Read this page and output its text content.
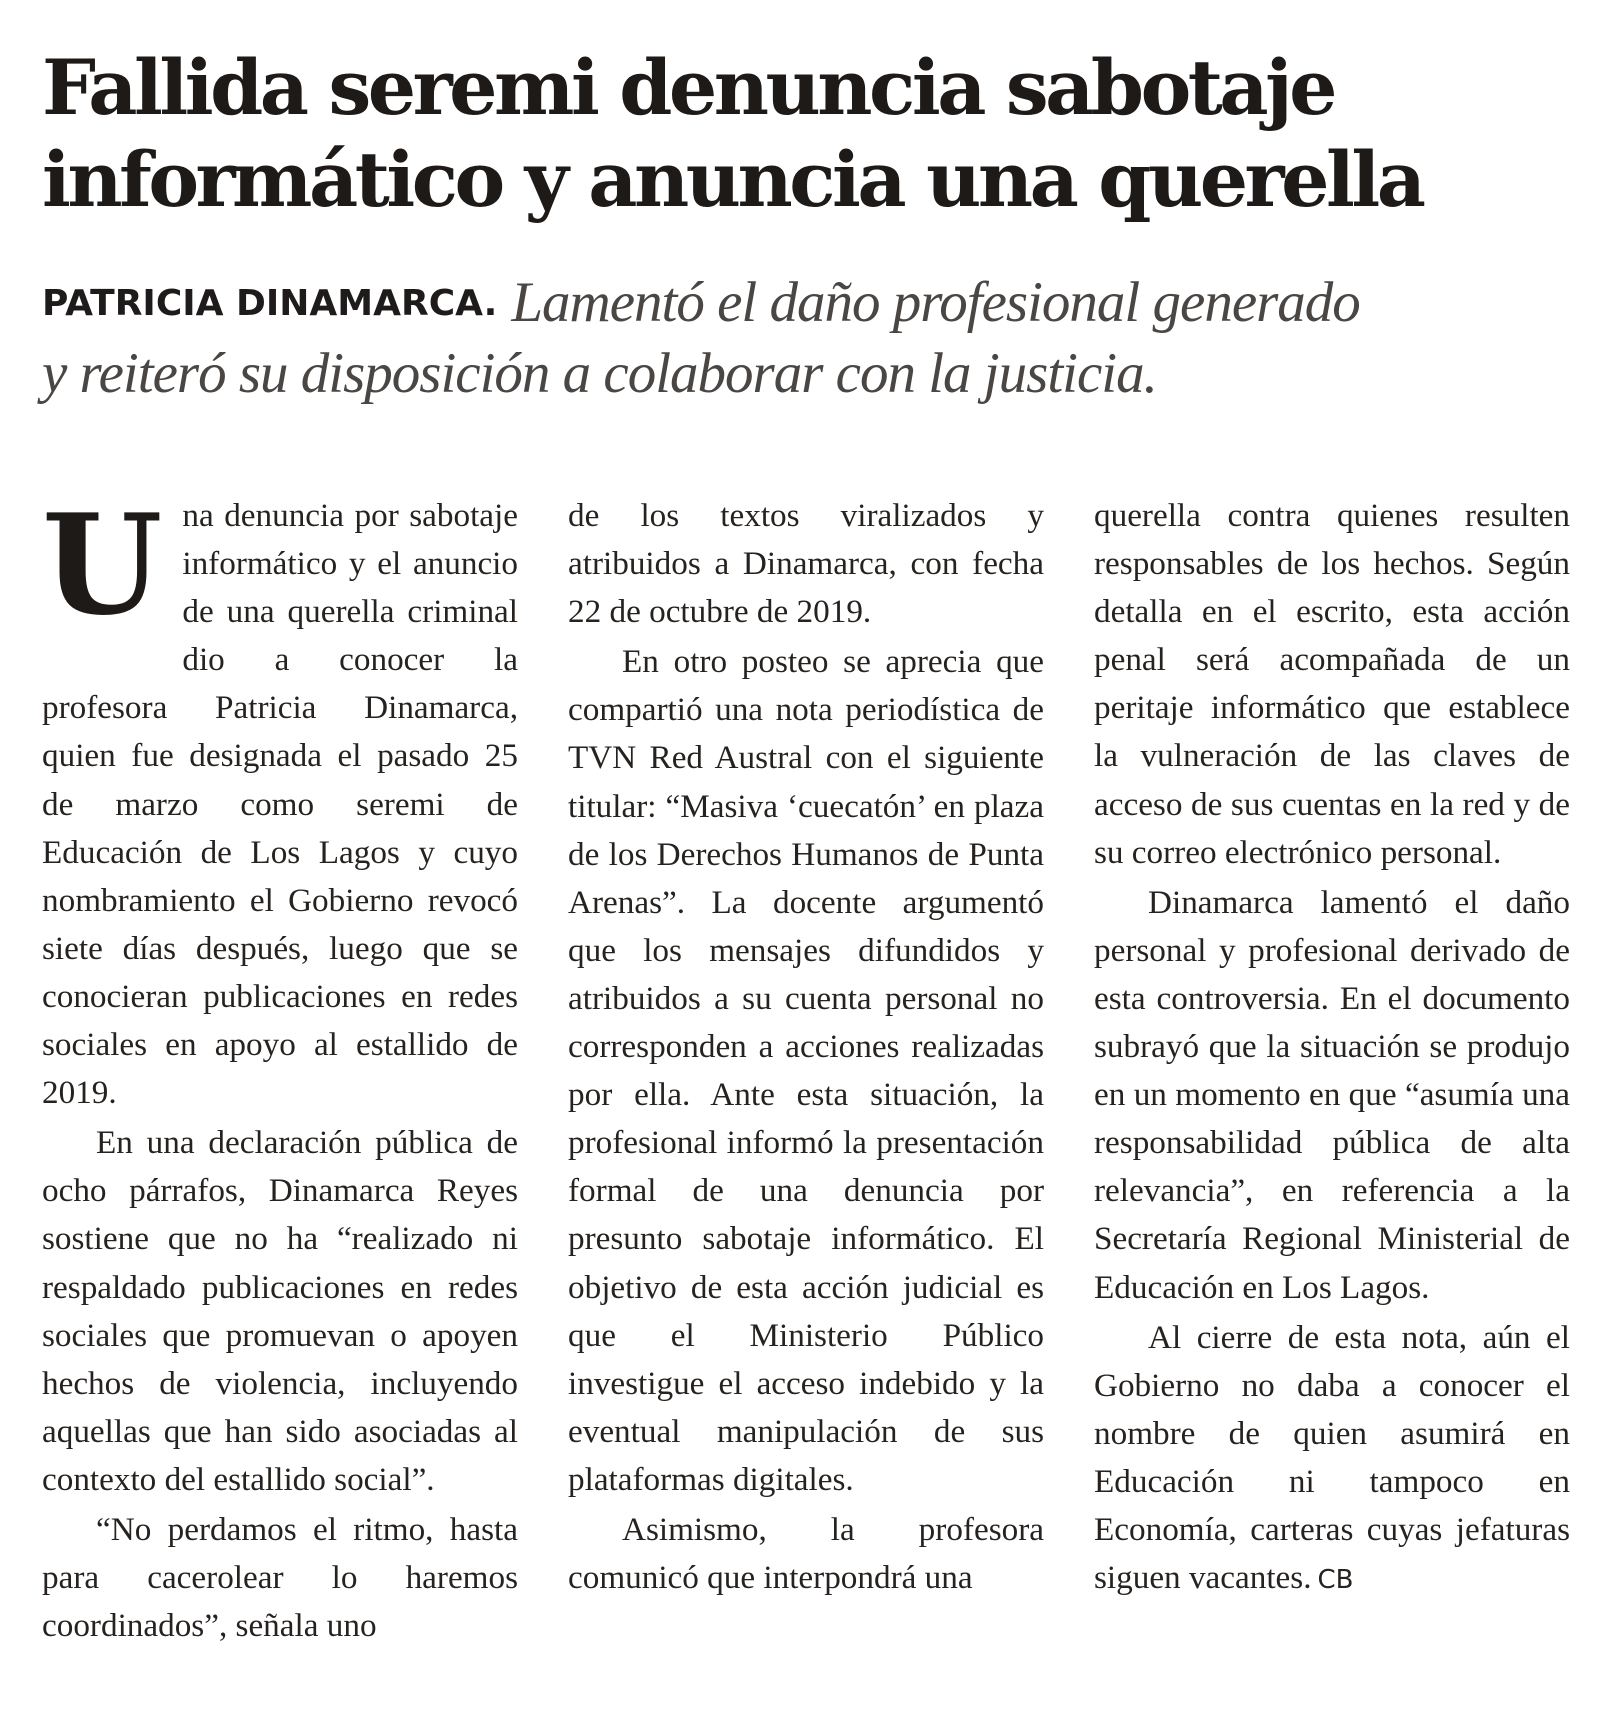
Fallida seremi denuncia sabotaje
informático y anuncia una querella
PATRICIA DINAMARCA. Lamentó el daño profesional generado
y reiteró su disposición a colaborar con la justicia.

Una denuncia por sabotaje informático y el anuncio de una querella criminal dio a conocer la profesora Patricia Dinamarca, quien fue designada el pasado 25 de marzo como seremi de Educación de Los Lagos y cuyo nombramiento el Gobierno revocó siete días después, luego que se conocieran publicaciones en redes sociales en apoyo al estallido de 2019.

En una declaración pública de ocho párrafos, Dinamarca Reyes sostiene que no ha “realizado ni respaldado publicaciones en redes sociales que promuevan o apoyen hechos de violencia, incluyendo aquellas que han sido asociadas al contexto del estallido social”.

“No perdamos el ritmo, hasta para cacerolear lo haremos coordinados”, señala uno

de los textos viralizados y atribuidos a Dinamarca, con fecha 22 de octubre de 2019.

En otro posteo se aprecia que compartió una nota periodística de TVN Red Austral con el siguiente titular: “Masiva ‘cuecatón’ en plaza de los Derechos Humanos de Punta Arenas”. La docente argumentó que los mensajes difundidos y atribuidos a su cuenta personal no corresponden a acciones realizadas por ella. Ante esta situación, la profesional informó la presentación formal de una denuncia por presunto sabotaje informático. El objetivo de esta acción judicial es que el Ministerio Público investigue el acceso indebido y la eventual manipulación de sus plataformas digitales.

Asimismo, la profesora comunicó que interpondrá una

querella contra quienes resulten responsables de los hechos. Según detalla en el escrito, esta acción penal será acompañada de un peritaje informático que establece la vulneración de las claves de acceso de sus cuentas en la red y de su correo electrónico personal.

Dinamarca lamentó el daño personal y profesional derivado de esta controversia. En el documento subrayó que la situación se produjo en un momento en que “asumía una responsabilidad pública de alta relevancia”, en referencia a la Secretaría Regional Ministerial de Educación en Los Lagos.

Al cierre de esta nota, aún el Gobierno no daba a conocer el nombre de quien asumirá en Educación ni tampoco en Economía, carteras cuyas jefaturas siguen vacantes. CB
